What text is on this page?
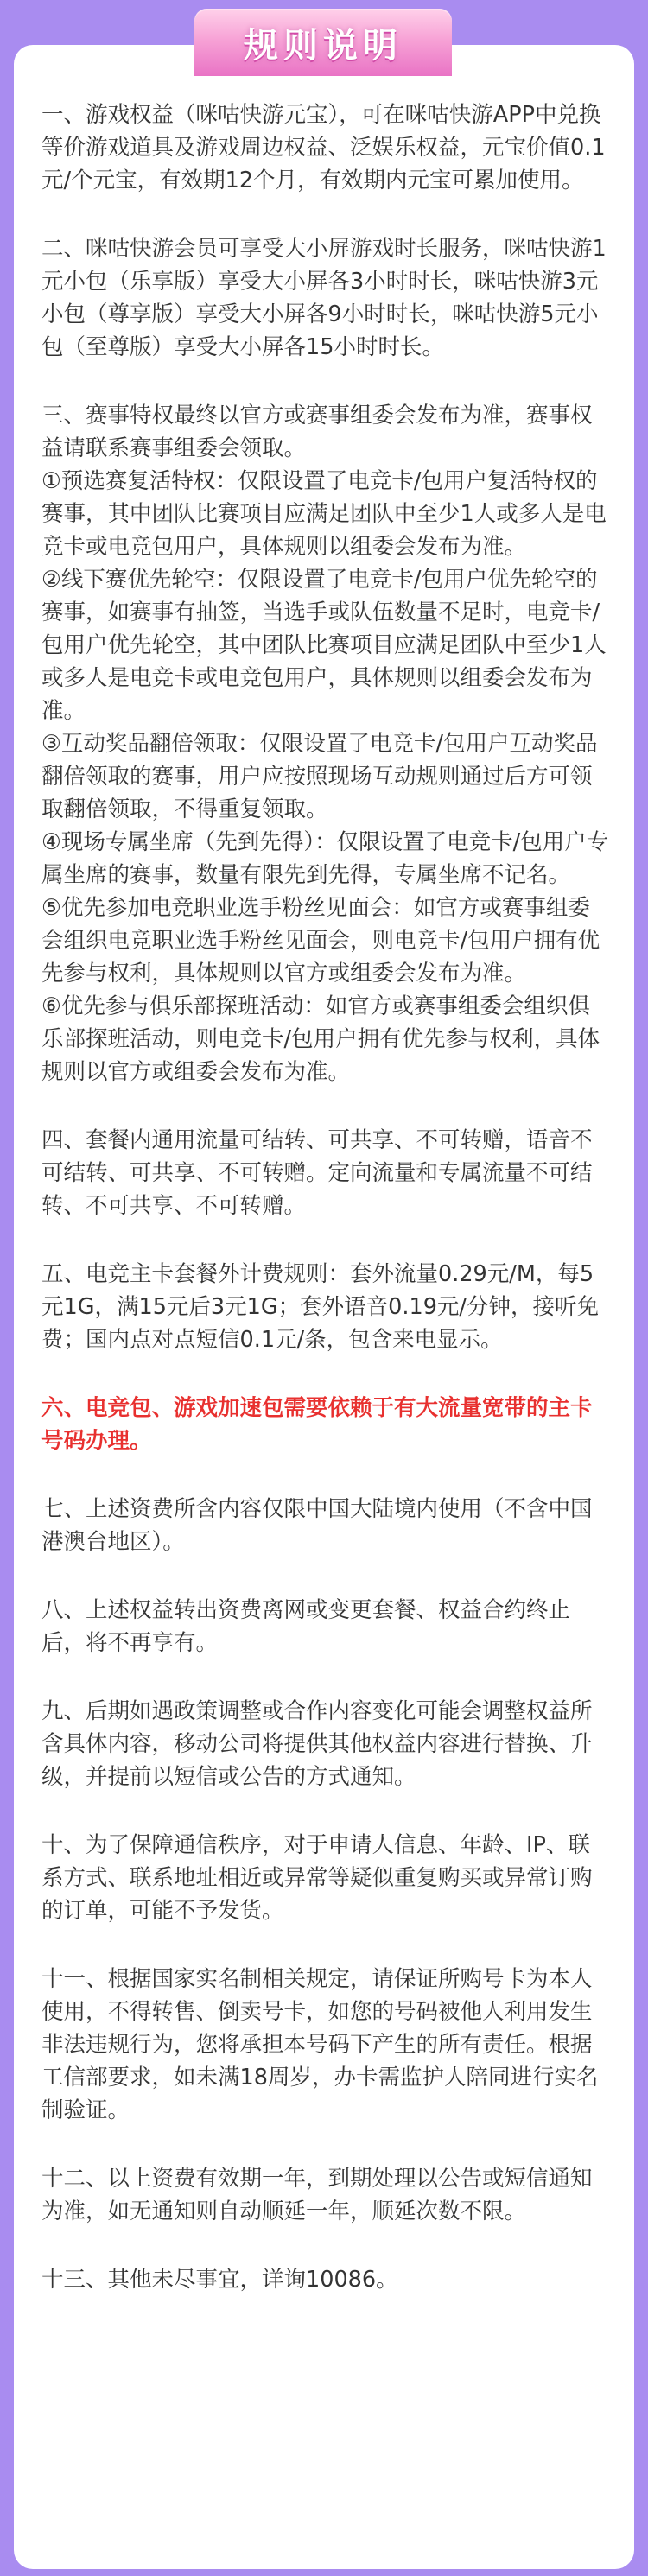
一、游戏权益（咪咕快游元宝），可在咪咕快游APP中兑换等价游戏道具及游戏周边权益、泛娱乐权益，元宝价值0.1元/个元宝，有效期12个月，有效期内元宝可累加使用。
二、咪咕快游会员可享受大小屏游戏时长服务，咪咕快游1元小包（乐享版）享受大小屏各3小时时长，咪咕快游3元小包（尊享版）享受大小屏各9小时时长，咪咕快游5元小包（至尊版）享受大小屏各15小时时长。
三、赛事特权最终以官方或赛事组委会发布为准，赛事权益请联系赛事组委会领取。
①预选赛复活特权：仅限设置了电竞卡/包用户复活特权的赛事，其中团队比赛项目应满足团队中至少1人或多人是电竞卡或电竞包用户，具体规则以组委会发布为准。
②线下赛优先轮空：仅限设置了电竞卡/包用户优先轮空的赛事，如赛事有抽签，当选手或队伍数量不足时，电竞卡/包用户优先轮空，其中团队比赛项目应满足团队中至少1人或多人是电竞卡或电竞包用户，具体规则以组委会发布为准。
③互动奖品翻倍领取：仅限设置了电竞卡/包用户互动奖品翻倍领取的赛事，用户应按照现场互动规则通过后方可领取翻倍领取，不得重复领取。
④现场专属坐席（先到先得）：仅限设置了电竞卡/包用户专属坐席的赛事，数量有限先到先得，专属坐席不记名。
⑤优先参加电竞职业选手粉丝见面会：如官方或赛事组委会组织电竞职业选手粉丝见面会，则电竞卡/包用户拥有优先参与权利，具体规则以官方或组委会发布为准。
⑥优先参与俱乐部探班活动：如官方或赛事组委会组织俱乐部探班活动，则电竞卡/包用户拥有优先参与权利，具体规则以官方或组委会发布为准。
四、套餐内通用流量可结转、可共享、不可转赠，语音不可结转、可共享、不可转赠。定向流量和专属流量不可结转、不可共享、不可转赠。
五、电竞主卡套餐外计费规则：套外流量0.29元/M，每5元1G，满15元后3元1G；套外语音0.19元/分钟，接听免费；国内点对点短信0.1元/条，包含来电显示。
六、电竞包、游戏加速包需要依赖于有大流量宽带的主卡号码办理。
七、上述资费所含内容仅限中国大陆境内使用（不含中国港澳台地区）。
八、上述权益转出资费离网或变更套餐、权益合约终止后，将不再享有。
九、后期如遇政策调整或合作内容变化可能会调整权益所含具体内容，移动公司将提供其他权益内容进行替换、升级，并提前以短信或公告的方式通知。
十、为了保障通信秩序，对于申请人信息、年龄、IP、联系方式、联系地址相近或异常等疑似重复购买或异常订购的订单，可能不予发货。
十一、根据国家实名制相关规定，请保证所购号卡为本人使用，不得转售、倒卖号卡，如您的号码被他人利用发生非法违规行为，您将承担本号码下产生的所有责任。根据工信部要求，如未满18周岁，办卡需监护人陪同进行实名制验证。
十二、以上资费有效期一年，到期处理以公告或短信通知为准，如无通知则自动顺延一年，顺延次数不限。
十三、其他未尽事宜，详询10086。
规则说明
